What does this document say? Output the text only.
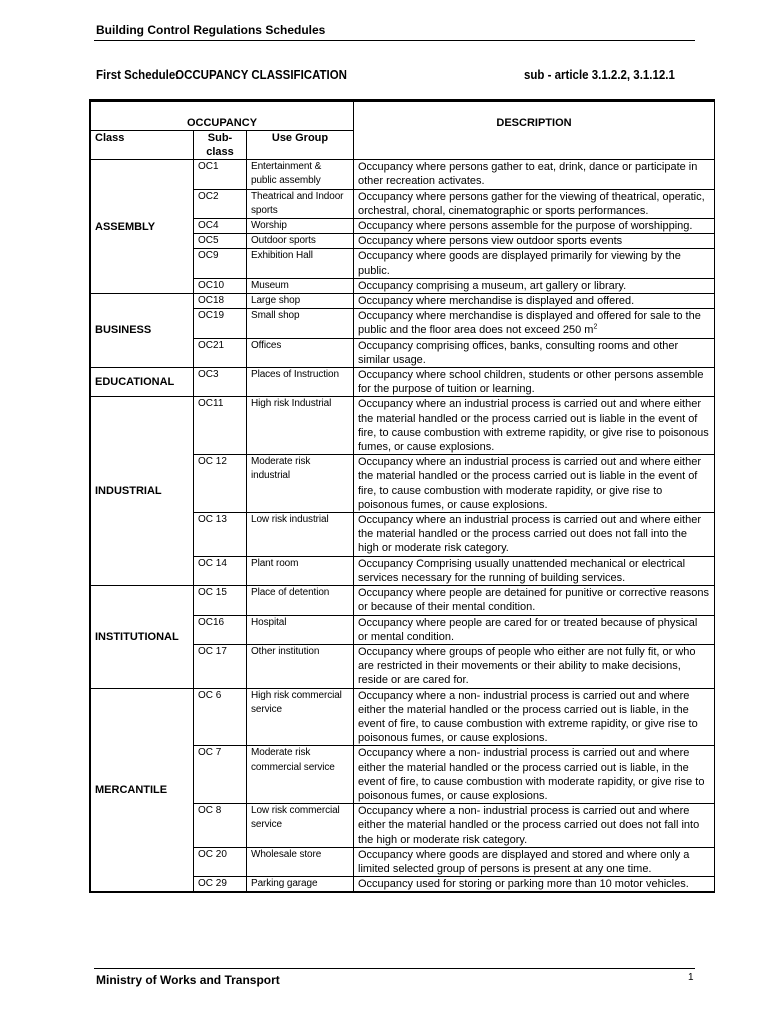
Building Control Regulations Schedules
First Schedule:OCCUPANCY CLASSIFICATION	sub - article 3.1.2.2, 3.1.12.1
OCCUPANCY			DESCRIPTION
Class	Sub-class	Use Group	
ASSEMBLY	OC1	Entertainment & public assembly	Occupancy where persons gather to eat, drink, dance or participate in other recreation activates.
	OC2	Theatrical and Indoor sports	Occupancy where persons gather for the viewing of theatrical, operatic, orchestral, choral, cinematographic or sports performances.
	OC4	Worship	Occupancy where persons assemble for the purpose of worshipping.
	OC5	Outdoor sports	Occupancy where persons view outdoor sports events
	OC9	Exhibition Hall	Occupancy where goods are displayed primarily for viewing by the public.
	OC10	Museum	Occupancy comprising a museum, art gallery or library.
BUSINESS	OC18	Large shop	Occupancy where merchandise is displayed and offered.
	OC19	Small shop	Occupancy where merchandise is displayed and offered for sale to the public and the floor area does not exceed 250 $m^2$
	OC21	Offices	Occupancy comprising offices, banks, consulting rooms and other similar usage.
EDUCATIONAL	OC3	Places of Instruction	Occupancy where school children, students or other persons assemble for the purpose of tuition or learning.
INDUSTRIAL	OC11	High risk Industrial	Occupancy where an industrial process is carried out and where either the material handled or the process carried out is liable in the event of fire, to cause combustion with extreme rapidity, or give rise to poisonous fumes, or cause explosions.
	OC 12	Moderate risk industrial	Occupancy where an industrial process is carried out and where either the material handled or the process carried out is liable in the event of fire, to cause combustion with moderate rapidity, or give rise to poisonous fumes, or cause explosions.
	OC 13	Low risk industrial	Occupancy where an industrial process is carried out and where either the material handled or the process carried out does not fall into the high or moderate risk category.
	OC 14	Plant room	Occupancy Comprising usually unattended mechanical or electrical services necessary for the running of building services.
INSTITUTIONAL	OC 15	Place of detention	Occupancy where people are detained for punitive or corrective reasons or because of their mental condition.
	OC16	Hospital	Occupancy where people are cared for or treated because of physical or mental condition.
	OC 17	Other institution	Occupancy where groups of people who either are not fully fit, or who are restricted in their movements or their ability to make decisions, reside or are cared for.
MERCANTILE	OC 6	High risk commercial service	Occupancy where a non- industrial process is carried out and where either the material handled or the process carried out is liable, in the event of fire, to cause combustion with extreme rapidity, or give rise to poisonous fumes, or cause explosions.
	OC 7	Moderate risk commercial service	Occupancy where a non- industrial process is carried out and where either the material handled or the process carried out is liable, in the event of fire, to cause combustion with moderate rapidity, or give rise to poisonous fumes, or cause explosions.
	OC 8	Low risk commercial service	Occupancy where a non- industrial process is carried out and where either the material handled or the process carried out does not fall into the high or moderate risk category.
	OC 20	Wholesale store	Occupancy where goods are displayed and stored and where only a limited selected group of persons is present at any one time.
	OC 29	Parking garage	Occupancy used for storing or parking more than 10 motor vehicles.
Ministry of Works and Transport	1
